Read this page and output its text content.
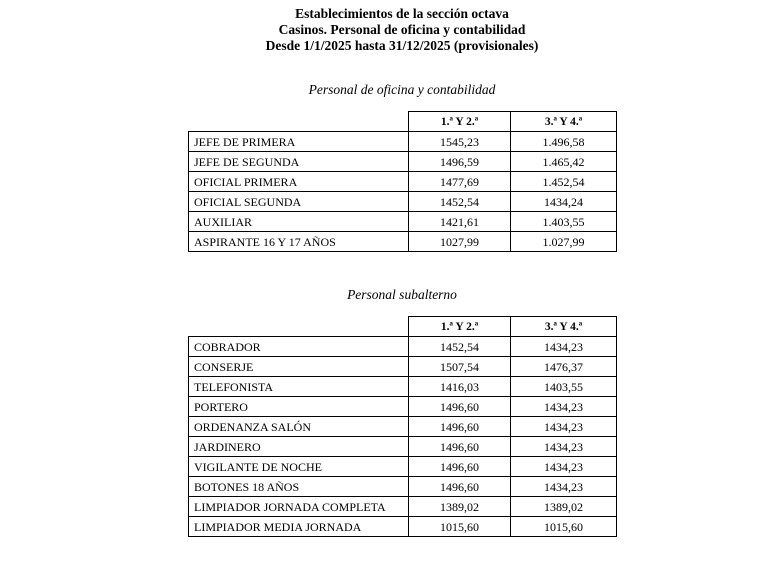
Establecimientos de la sección octava
Casinos. Personal de oficina y contabilidad
Desde 1/1/2025 hasta 31/12/2025 (provisionales)
Personal de oficina y contabilidad
	1.ª Y 2.ª	3.ª Y 4.ª
JEFE DE PRIMERA	1545,23	1.496,58
JEFE DE SEGUNDA	1496,59	1.465,42
OFICIAL PRIMERA	1477,69	1.452,54
OFICIAL SEGUNDA	1452,54	1434,24
AUXILIAR	1421,61	1.403,55
ASPIRANTE 16 Y 17 AÑOS	1027,99	1.027,99
Personal subalterno
	1.ª Y 2.ª	3.ª Y 4.ª
COBRADOR	1452,54	1434,23
CONSERJE	1507,54	1476,37
TELEFONISTA	1416,03	1403,55
PORTERO	1496,60	1434,23
ORDENANZA SALÓN	1496,60	1434,23
JARDINERO	1496,60	1434,23
VIGILANTE DE NOCHE	1496,60	1434,23
BOTONES 18 AÑOS	1496,60	1434,23
LIMPIADOR JORNADA COMPLETA	1389,02	1389,02
LIMPIADOR MEDIA JORNADA	1015,60	1015,60
